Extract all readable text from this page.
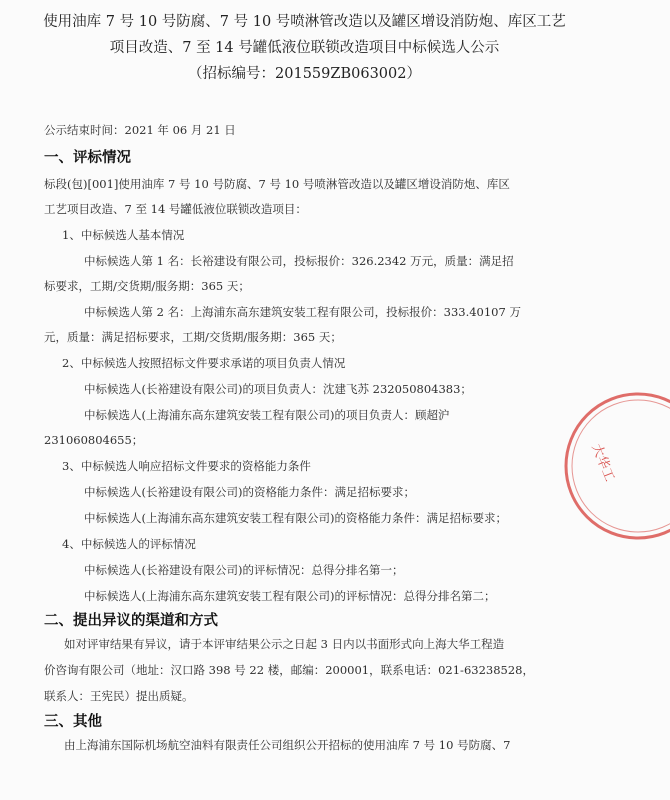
使用油库 7 号 10 号防腐、7 号 10 号喷淋管改造以及罐区增设消防炮、库区工艺
项目改造、7 至 14 号罐低液位联锁改造项目中标候选人公示
（招标编号：201559ZB063002）
公示结束时间：2021 年 06 月 21 日
一、评标情况
标段(包)[001]使用油库 7 号 10 号防腐、7 号 10 号喷淋管改造以及罐区增设消防炮、库区
工艺项目改造、7 至 14 号罐低液位联锁改造项目：
1、中标候选人基本情况
中标候选人第 1 名：长裕建设有限公司，投标报价：326.2342 万元，质量：满足招
标要求，工期/交货期/服务期：365 天；
中标候选人第 2 名：上海浦东高东建筑安装工程有限公司，投标报价：333.40107 万
元，质量：满足招标要求，工期/交货期/服务期：365 天；
2、中标候选人按照招标文件要求承诺的项目负责人情况
中标候选人(长裕建设有限公司)的项目负责人：沈建飞苏 232050804383；
中标候选人(上海浦东高东建筑安装工程有限公司)的项目负责人：顾超沪
231060804655；
3、中标候选人响应招标文件要求的资格能力条件
中标候选人(长裕建设有限公司)的资格能力条件：满足招标要求；
中标候选人(上海浦东高东建筑安装工程有限公司)的资格能力条件：满足招标要求；
4、中标候选人的评标情况
中标候选人(长裕建设有限公司)的评标情况：总得分排名第一；
中标候选人(上海浦东高东建筑安装工程有限公司)的评标情况：总得分排名第二；
二、提出异议的渠道和方式
如对评审结果有异议，请于本评审结果公示之日起 3 日内以书面形式向上海大华工程造
价咨询有限公司（地址：汉口路 398 号 22 楼，邮编：200001，联系电话：021-63238528，
联系人：王宪民）提出质疑。
三、其他
由上海浦东国际机场航空油料有限责任公司组织公开招标的使用油库 7 号 10 号防腐、7
大华工
